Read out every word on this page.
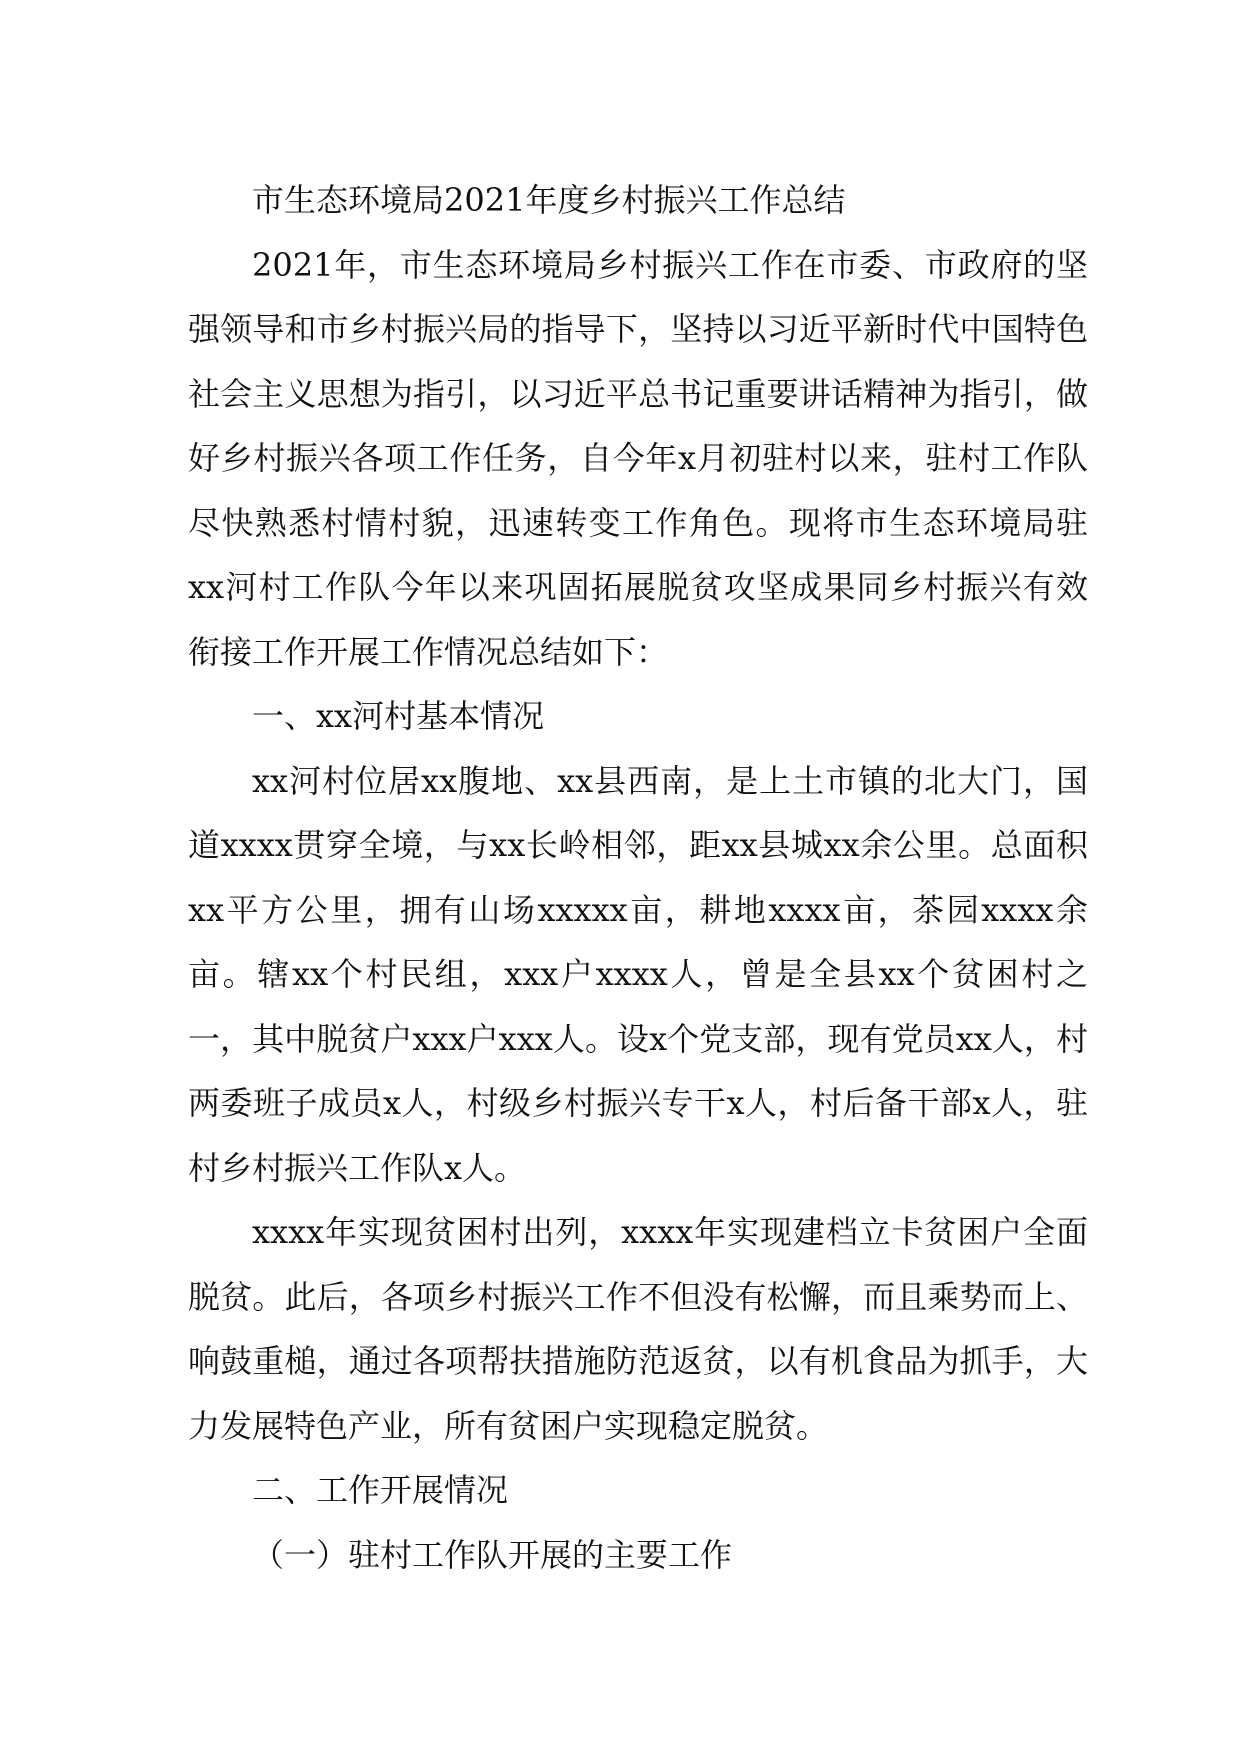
市生态环境局2021年度乡村振兴工作总结

2021年，市生态环境局乡村振兴工作在市委、市政府的坚强领导和市乡村振兴局的指导下，坚持以习近平新时代中国特色社会主义思想为指引，以习近平总书记重要讲话精神为指引，做好乡村振兴各项工作任务，自今年x月初驻村以来，驻村工作队尽快熟悉村情村貌，迅速转变工作角色。现将市生态环境局驻xx河村工作队今年以来巩固拓展脱贫攻坚成果同乡村振兴有效衔接工作开展工作情况总结如下：

一、xx河村基本情况

xx河村位居xx腹地、xx县西南，是上土市镇的北大门，国道xxxx贯穿全境，与xx长岭相邻，距xx县城xx余公里。总面积xx平方公里，拥有山场xxxxx亩，耕地xxxx亩，茶园xxxx余亩。辖xx个村民组，xxx户xxxx人，曾是全县xx个贫困村之一，其中脱贫户xxx户xxx人。设x个党支部，现有党员xx人，村两委班子成员x人，村级乡村振兴专干x人，村后备干部x人，驻村乡村振兴工作队x人。

xxxx年实现贫困村出列，xxxx年实现建档立卡贫困户全面脱贫。此后，各项乡村振兴工作不但没有松懈，而且乘势而上、响鼓重槌，通过各项帮扶措施防范返贫，以有机食品为抓手，大力发展特色产业，所有贫困户实现稳定脱贫。

二、工作开展情况

（一）驻村工作队开展的主要工作
